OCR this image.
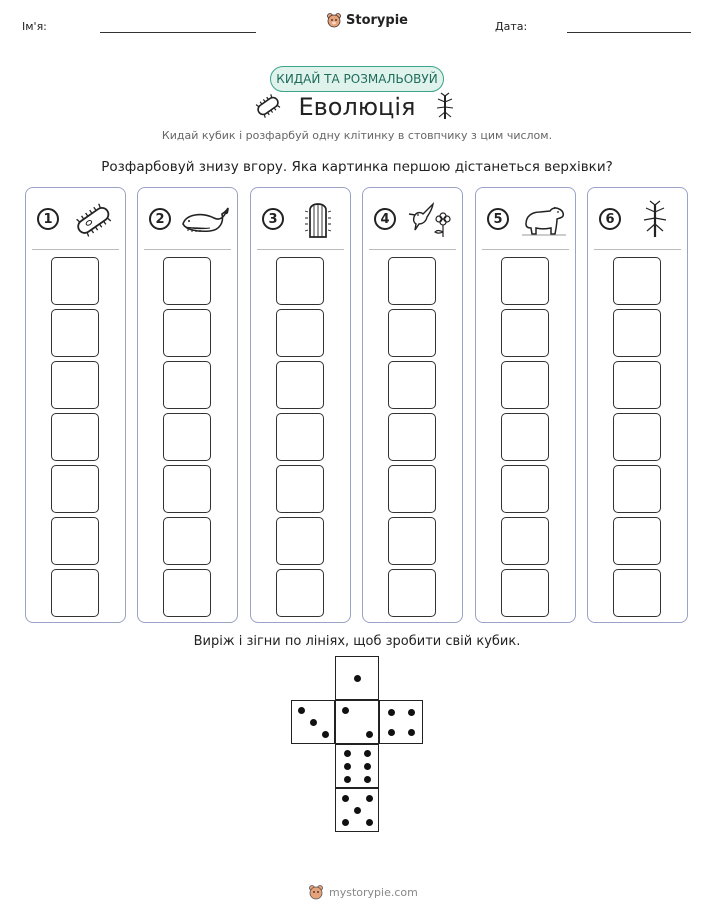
Ім'я:	Storypie	Дата:
КИДАЙ ТА РОЗМАЛЬОВУЙ
Еволюція
Кидай кубик і розфарбуй одну клітинку в стовпчику з цим числом.
Розфарбовуй знизу вгору. Яка картинка першою дістанеться верхівки?
1	2	3	4	5	6
Виріж і зігни по лініях, щоб зробити свій кубик.
mystorypie.com
